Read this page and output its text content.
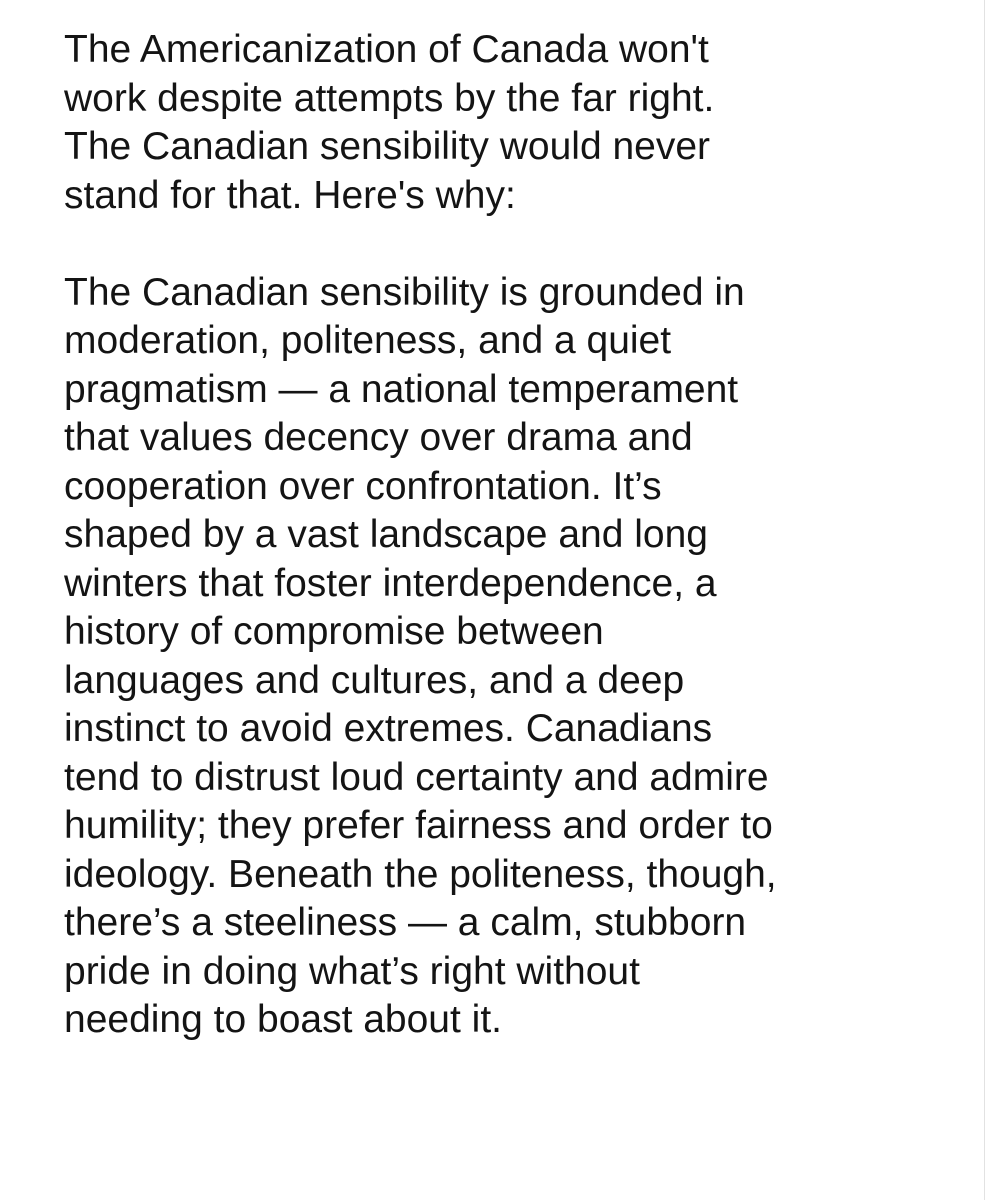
The Americanization of Canada won't
work despite attempts by the far right.
The Canadian sensibility would never
stand for that. Here's why:

The Canadian sensibility is grounded in
moderation, politeness, and a quiet
pragmatism — a national temperament
that values decency over drama and
cooperation over confrontation. It’s
shaped by a vast landscape and long
winters that foster interdependence, a
history of compromise between
languages and cultures, and a deep
instinct to avoid extremes. Canadians
tend to distrust loud certainty and admire
humility; they prefer fairness and order to
ideology. Beneath the politeness, though,
there’s a steeliness — a calm, stubborn
pride in doing what’s right without
needing to boast about it.
